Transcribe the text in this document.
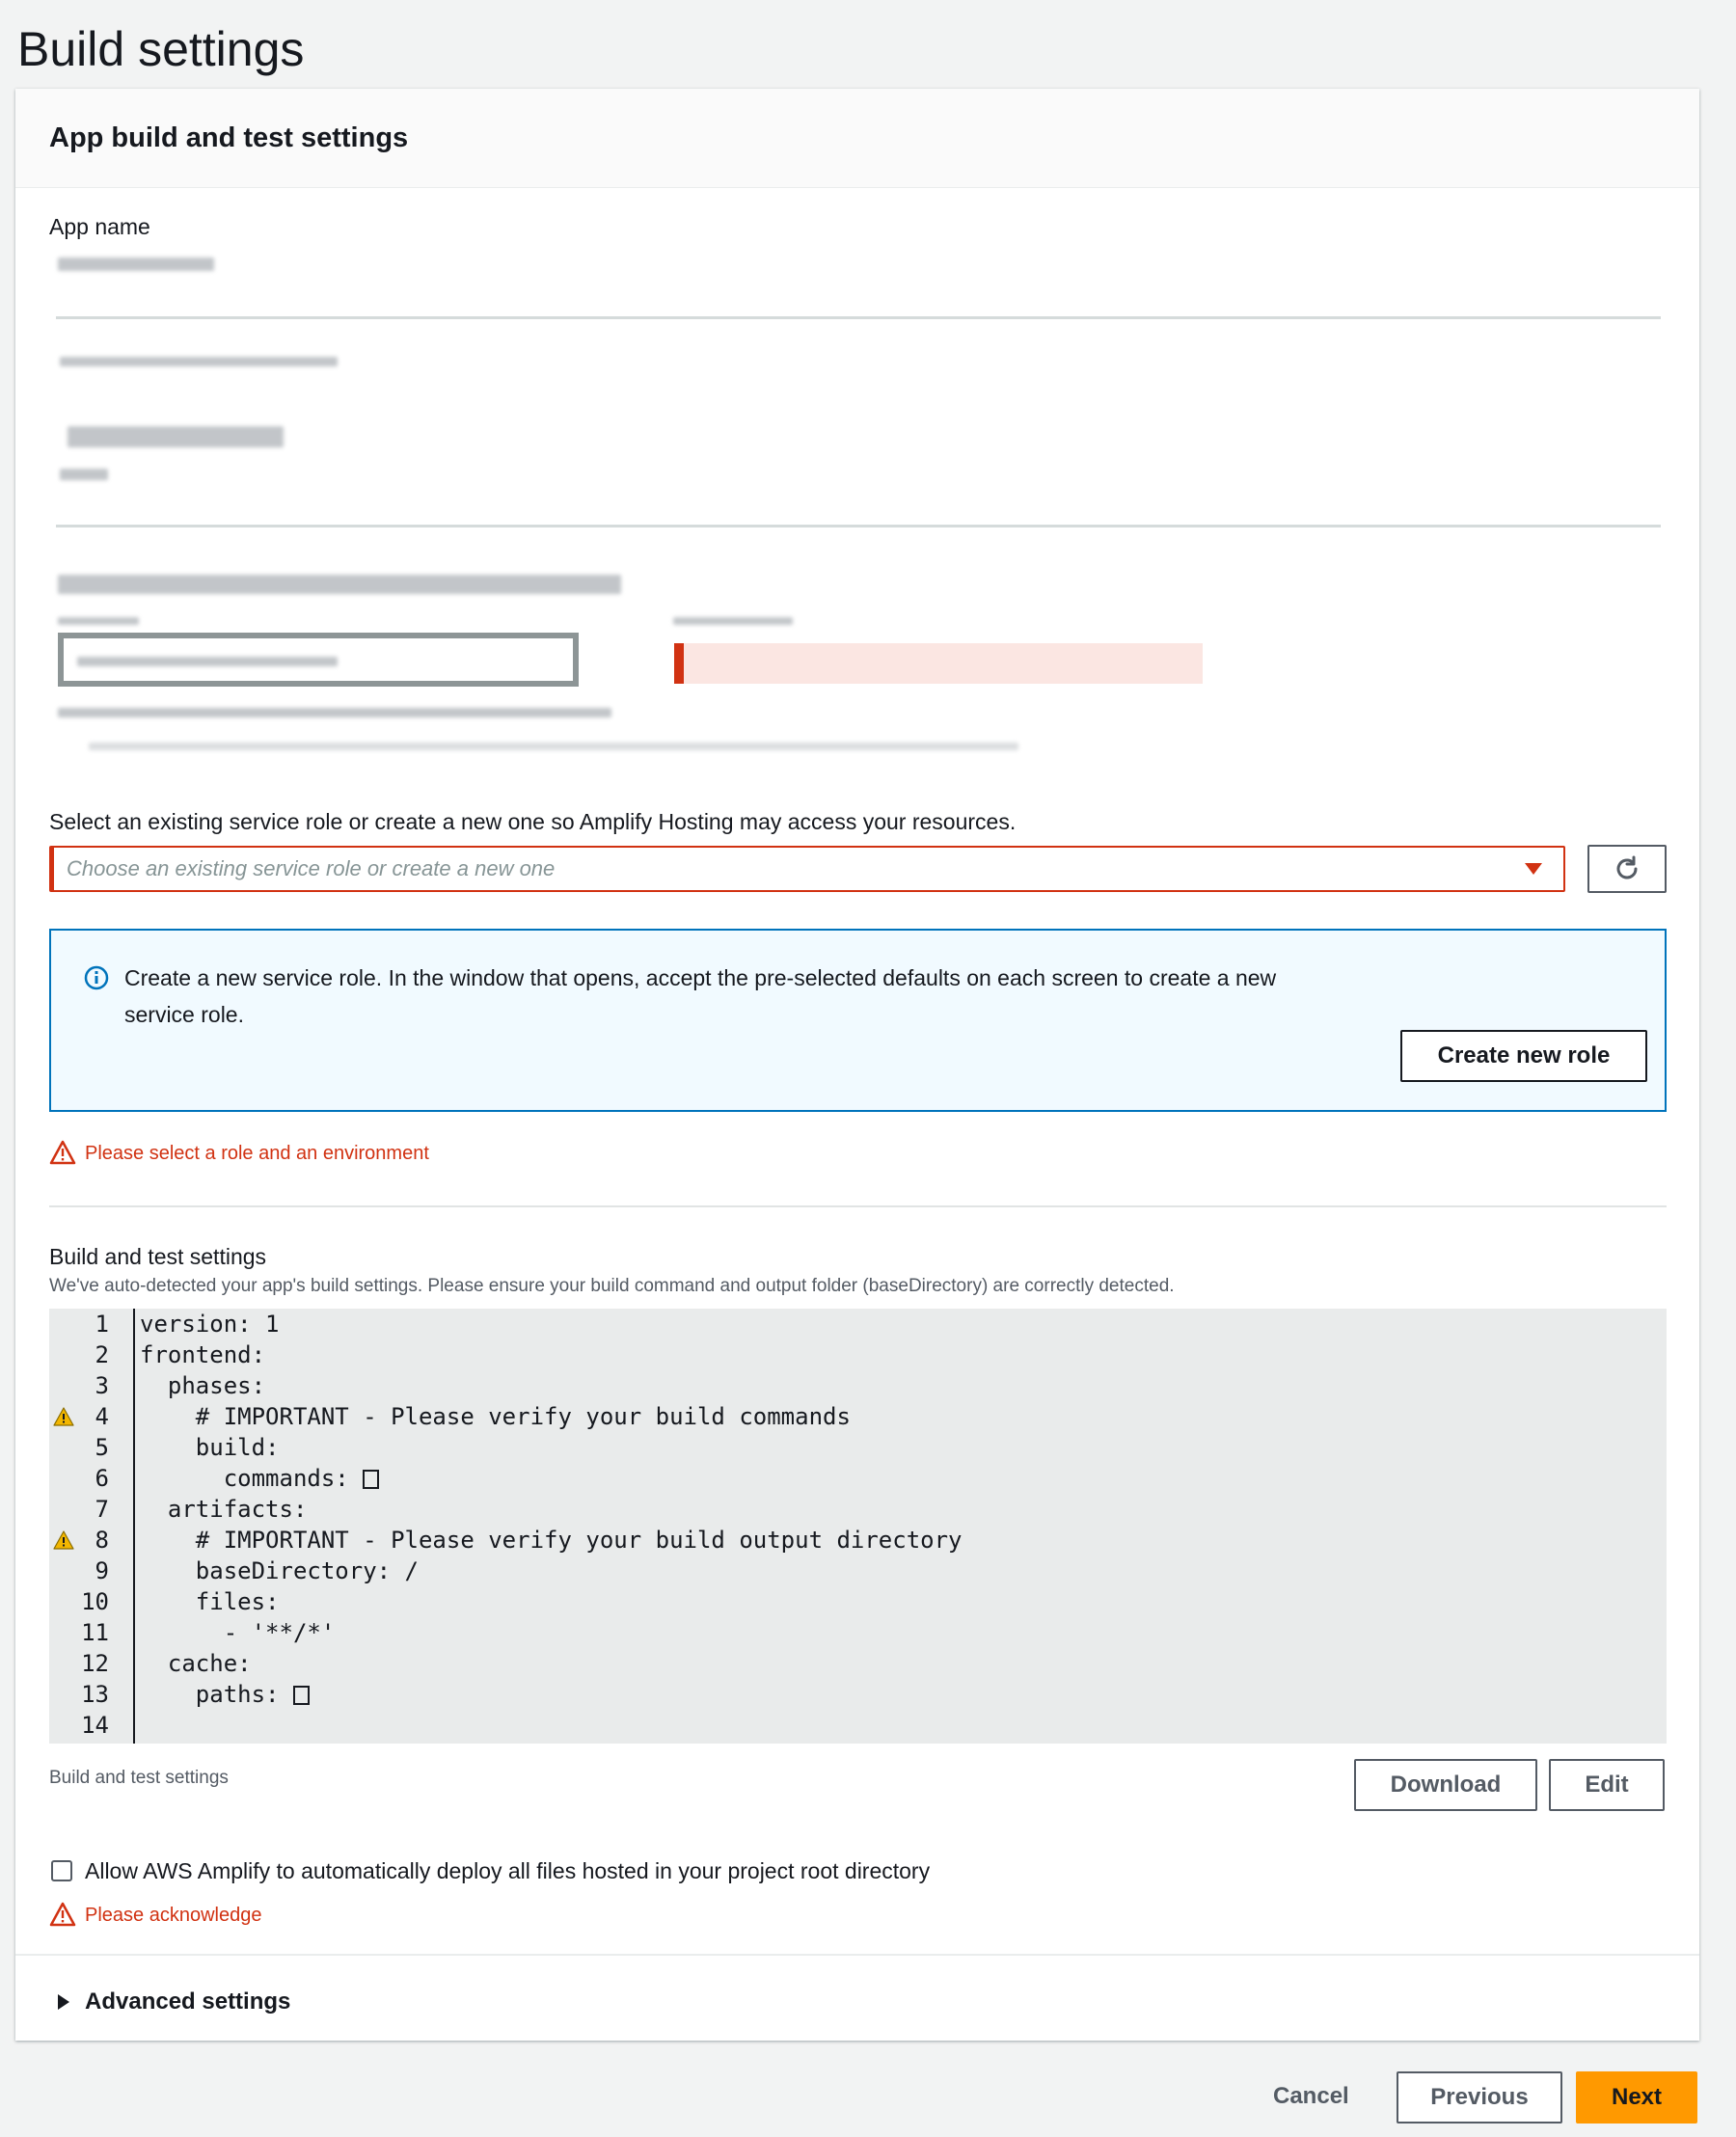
Build settings
App build and test settings
App name
Select an existing service role or create a new one so Amplify Hosting may access your resources.
Choose an existing service role or create a new one
Create a new service role. In the window that opens, accept the pre-selected defaults on each screen to create a new service role.
Create new role
Please select a role and an environment
Build and test settings
We've auto-detected your app's build settings. Please ensure your build command and output folder (baseDirectory) are correctly detected.
1 version: 1
2 frontend:
3 phases:
4 # IMPORTANT - Please verify your build commands
5 build:
6 commands:
7 artifacts:
8 # IMPORTANT - Please verify your build output directory
9 baseDirectory: /
10 files:
11 - '**/*'
12 cache:
13 paths:
14
Build and test settings	Download	Edit
Allow AWS Amplify to automatically deploy all files hosted in your project root directory
Please acknowledge
Advanced settings
Cancel	Previous	Next
